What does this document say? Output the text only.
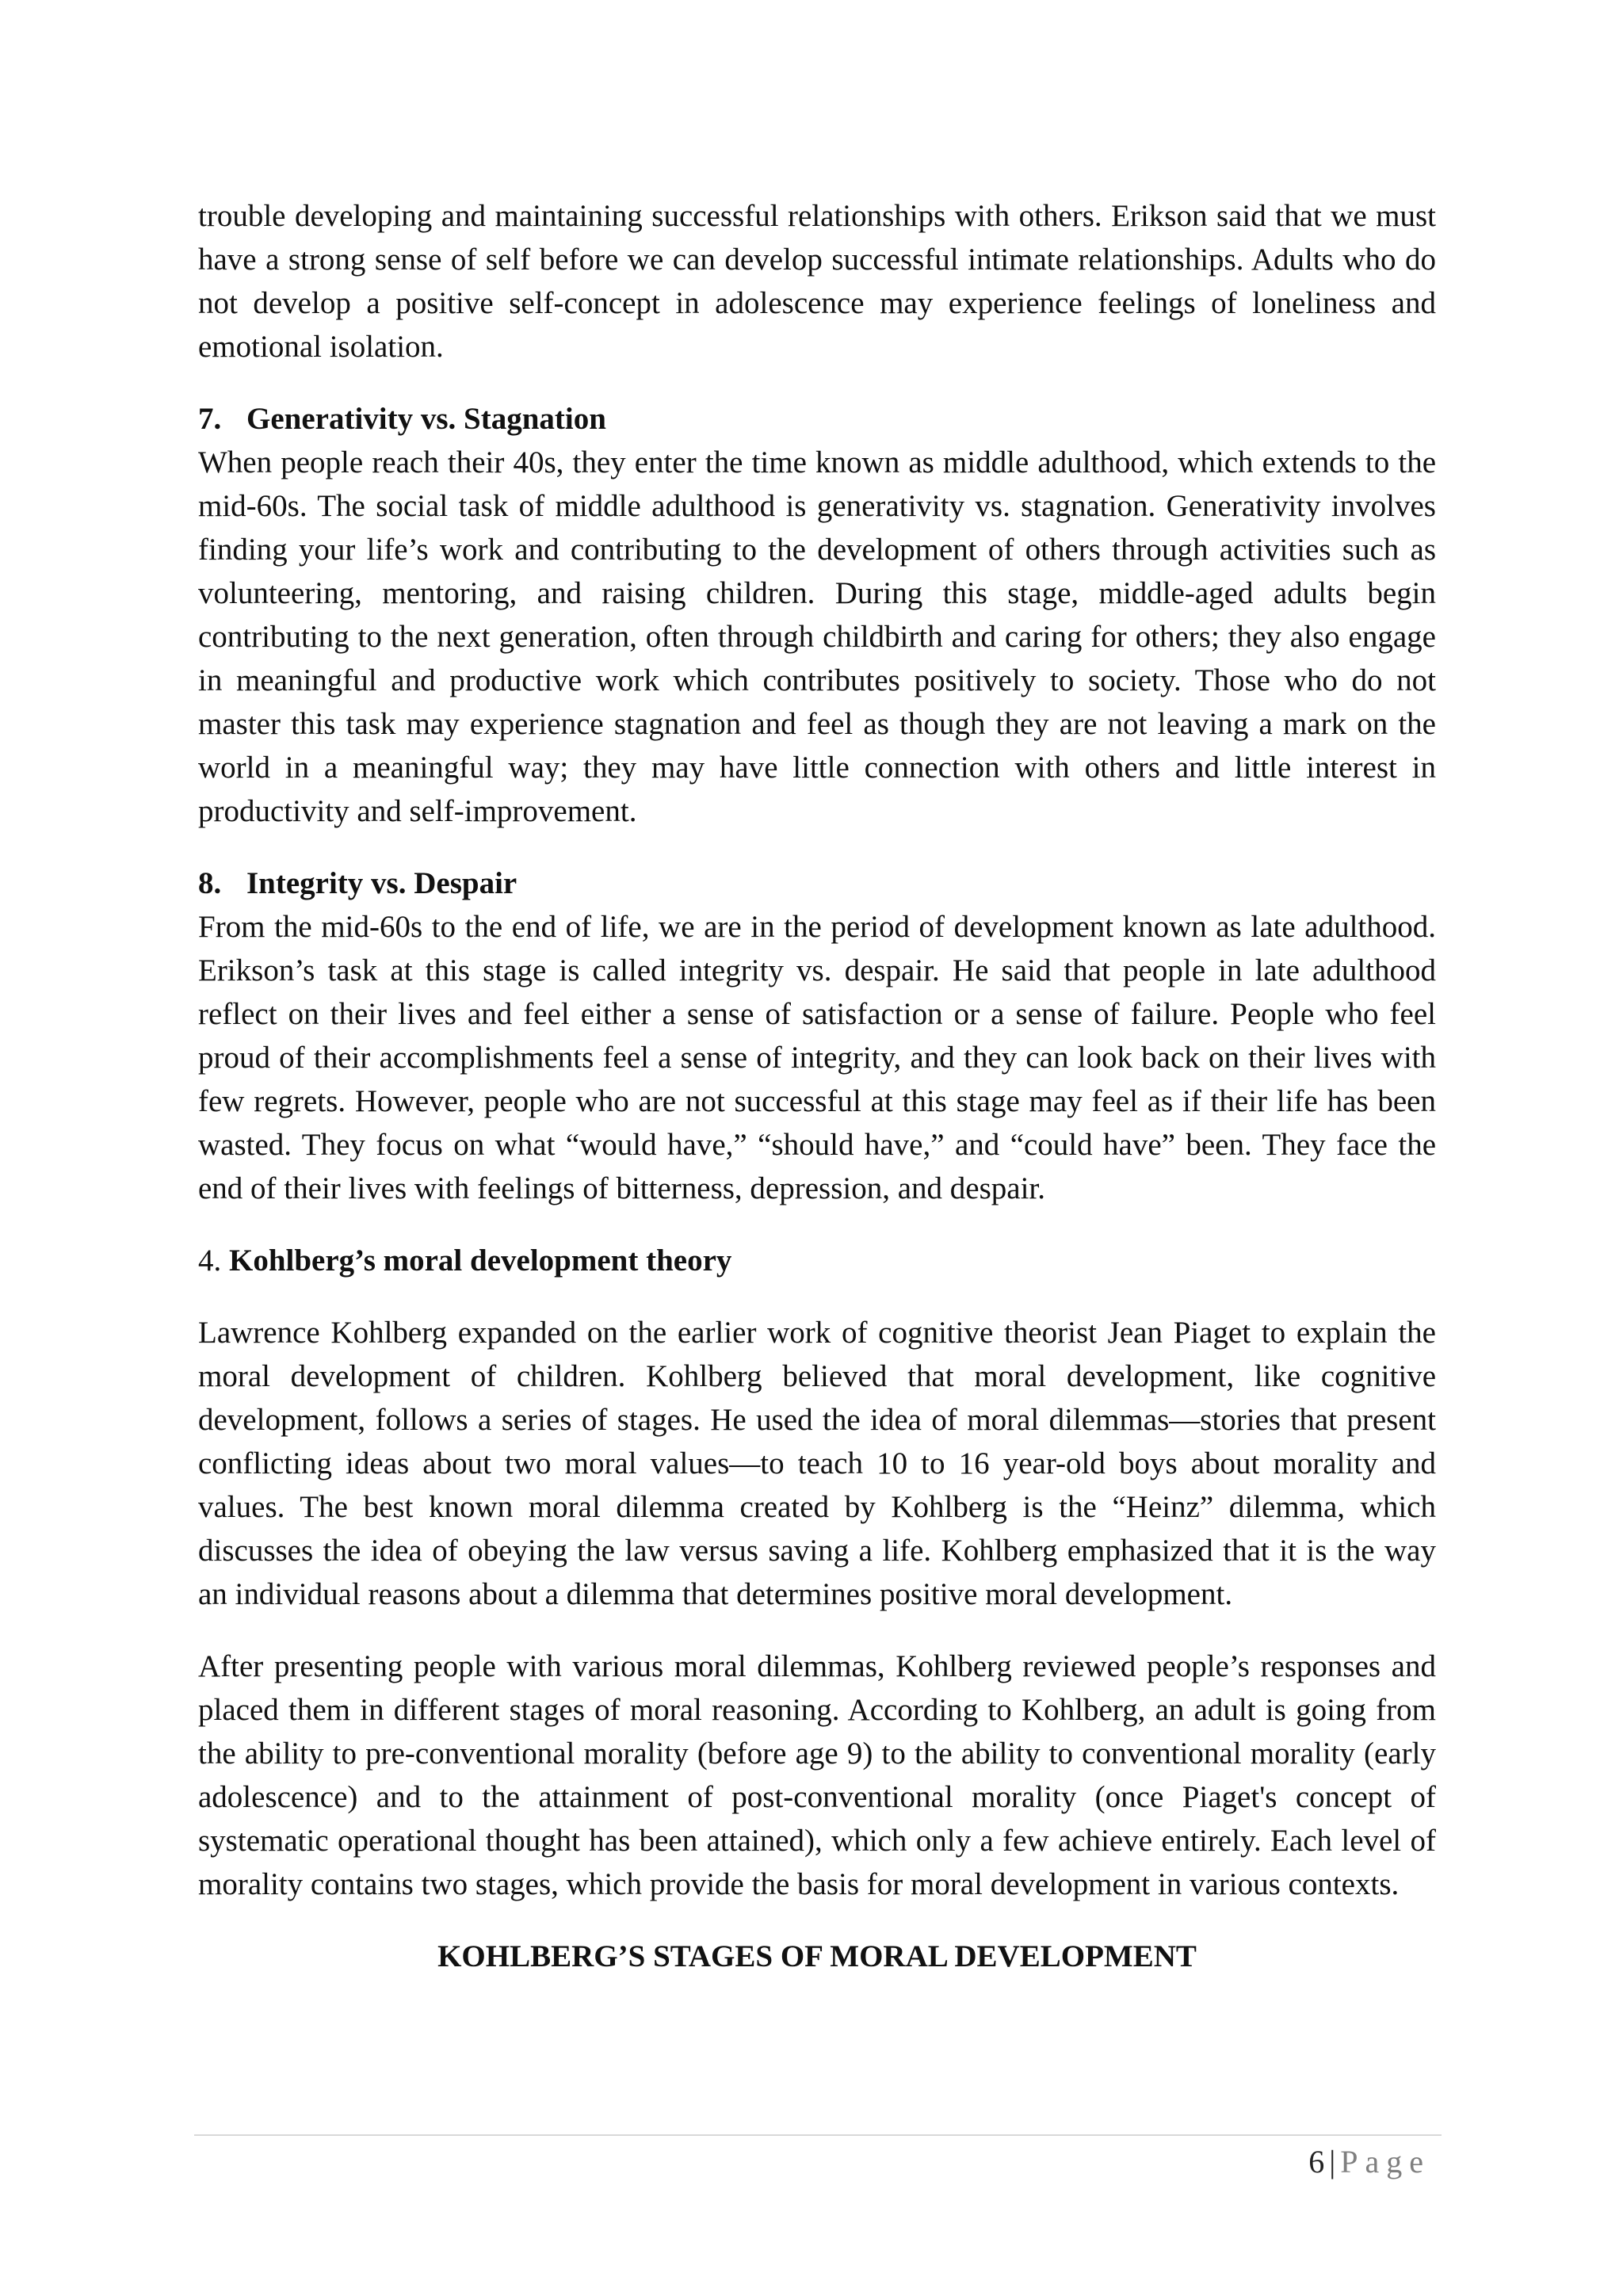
trouble developing and maintaining successful relationships with others. Erikson said that we must have a strong sense of self before we can develop successful intimate relationships. Adults who do not develop a positive self-concept in adolescence may experience feelings of loneliness and emotional isolation.

7. Generativity vs. Stagnation

When people reach their 40s, they enter the time known as middle adulthood, which extends to the mid-60s. The social task of middle adulthood is generativity vs. stagnation. Generativity involves finding your life’s work and contributing to the development of others through activities such as volunteering, mentoring, and raising children. During this stage, middle-aged adults begin contributing to the next generation, often through childbirth and caring for others; they also engage in meaningful and productive work which contributes positively to society. Those who do not master this task may experience stagnation and feel as though they are not leaving a mark on the world in a meaningful way; they may have little connection with others and little interest in productivity and self-improvement.

8. Integrity vs. Despair

From the mid-60s to the end of life, we are in the period of development known as late adulthood. Erikson’s task at this stage is called integrity vs. despair. He said that people in late adulthood reflect on their lives and feel either a sense of satisfaction or a sense of failure. People who feel proud of their accomplishments feel a sense of integrity, and they can look back on their lives with few regrets. However, people who are not successful at this stage may feel as if their life has been wasted. They focus on what “would have,” “should have,” and “could have” been. They face the end of their lives with feelings of bitterness, depression, and despair.

4. Kohlberg’s moral development theory

Lawrence Kohlberg expanded on the earlier work of cognitive theorist Jean Piaget to explain the moral development of children. Kohlberg believed that moral development, like cognitive development, follows a series of stages. He used the idea of moral dilemmas—stories that present conflicting ideas about two moral values—to teach 10 to 16 year-old boys about morality and values. The best known moral dilemma created by Kohlberg is the “Heinz” dilemma, which discusses the idea of obeying the law versus saving a life. Kohlberg emphasized that it is the way an individual reasons about a dilemma that determines positive moral development.

After presenting people with various moral dilemmas, Kohlberg reviewed people’s responses and placed them in different stages of moral reasoning. According to Kohlberg, an adult is going from the ability to pre-conventional morality (before age 9) to the ability to conventional morality (early adolescence) and to the attainment of post-conventional morality (once Piaget's concept of systematic operational thought has been attained), which only a few achieve entirely. Each level of morality contains two stages, which provide the basis for moral development in various contexts.

KOHLBERG’S STAGES OF MORAL DEVELOPMENT
6 | Page
